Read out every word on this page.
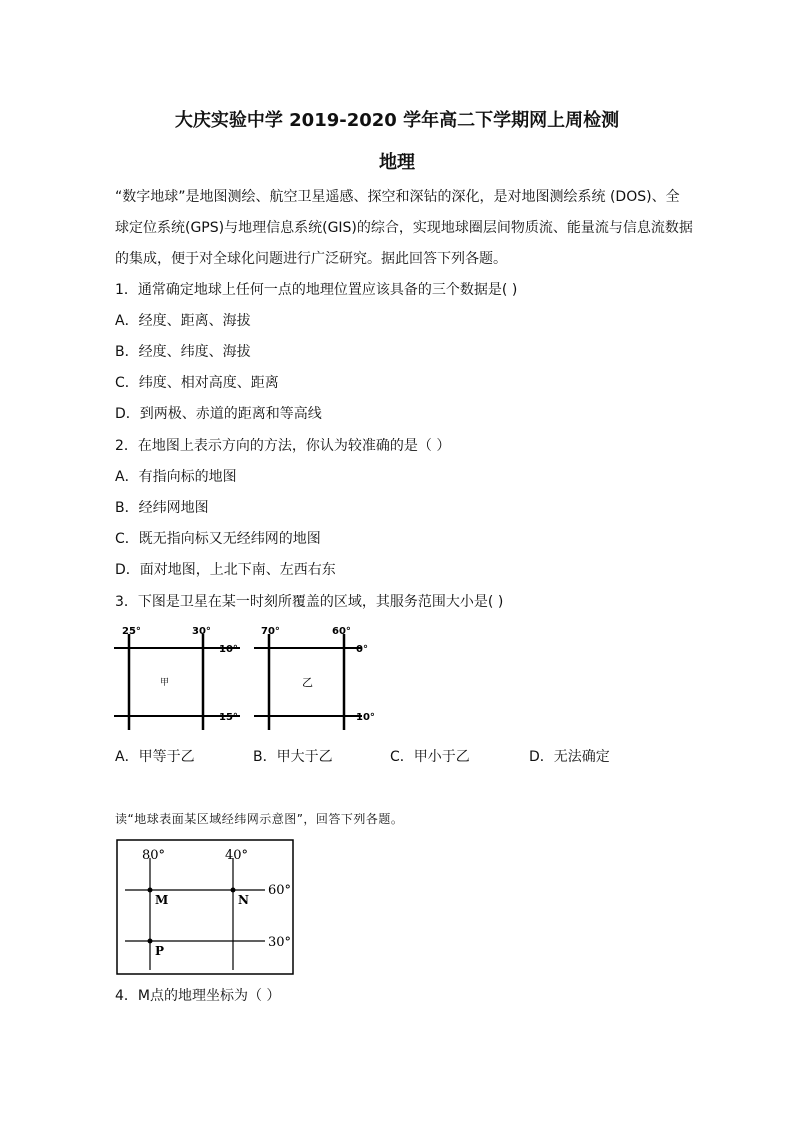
大庆实验中学 2019-2020 学年高二下学期网上周检测
地理
“数字地球”是地图测绘、航空卫星遥感、探空和深钻的深化，是对地图测绘系统 (DOS)、全
球定位系统(GPS)与地理信息系统(GIS)的综合，实现地球圈层间物质流、能量流与信息流数据
的集成，便于对全球化问题进行广泛研究。据此回答下列各题。
1．通常确定地球上任何一点的地理位置应该具备的三个数据是( )
A．经度、距离、海拔
B．经度、纬度、海拔
C．纬度、相对高度、距离
D．到两极、赤道的距离和等高线
2．在地图上表示方向的方法，你认为较准确的是（ ）
A．有指向标的地图
B．经纬网地图
C．既无指向标又无经纬网的地图
D．面对地图，上北下南、左西右东
3．下图是卫星在某一时刻所覆盖的区域，其服务范围大小是( )
25°	30°
10°
15°
甲
70°	60°
0°
10°
乙
A．甲等于乙	B．甲大于乙	C．甲小于乙	D．无法确定
读“地球表面某区域经纬网示意图”，回答下列各题。
80°	40°
60°
30°
M	N
P
4．M点的地理坐标为（ ）
